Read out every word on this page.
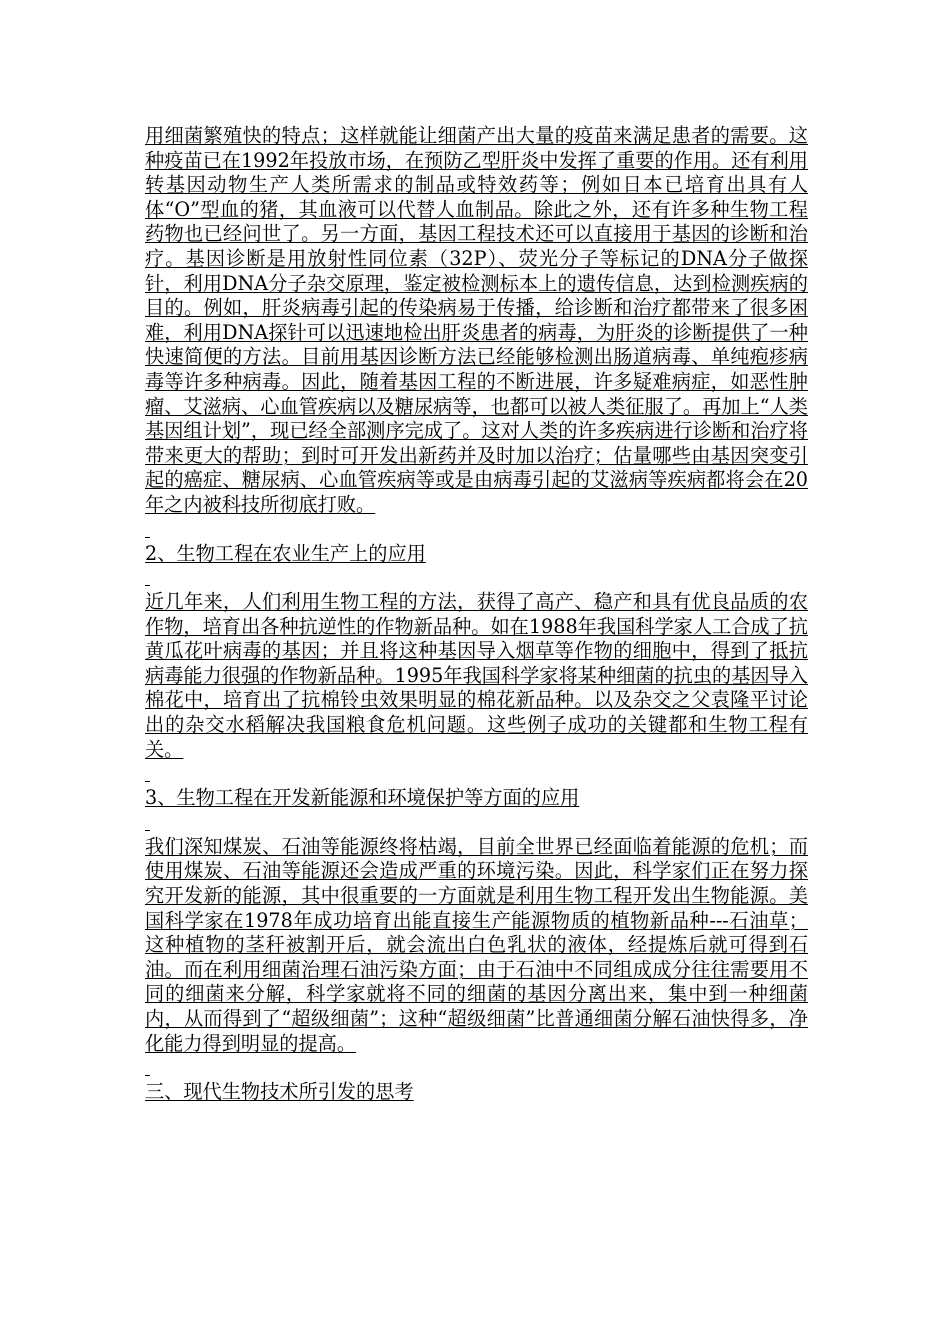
用细菌繁殖快的特点；这样就能让细菌产出大量的疫苗来满足患者的需要。这种疫苗已在1992年投放市场，在预防乙型肝炎中发挥了重要的作用。还有利用转基因动物生产人类所需求的制品或特效药等；例如日本已培育出具有人体“O”型血的猪，其血液可以代替人血制品。除此之外，还有许多种生物工程药物也已经问世了。另一方面，基因工程技术还可以直接用于基因的诊断和治疗。基因诊断是用放射性同位素（32P）、荧光分子等标记的DNA分子做探针，利用DNA分子杂交原理，鉴定被检测标本上的遗传信息，达到检测疾病的目的。例如，肝炎病毒引起的传染病易于传播，给诊断和治疗都带来了很多困难，利用DNA探针可以迅速地检出肝炎患者的病毒，为肝炎的诊断提供了一种快速简便的方法。目前用基因诊断方法已经能够检测出肠道病毒、单纯疱疹病毒等许多种病毒。因此，随着基因工程的不断进展，许多疑难病症，如恶性肿瘤、艾滋病、心血管疾病以及糖尿病等，也都可以被人类征服了。再加上“人类基因组计划”，现已经全部测序完成了。这对人类的许多疾病进行诊断和治疗将带来更大的帮助；到时可开发出新药并及时加以治疗；估量哪些由基因突变引起的癌症、糖尿病、心血管疾病等或是由病毒引起的艾滋病等疾病都将会在20年之内被科技所彻底打败。

2、生物工程在农业生产上的应用

近几年来，人们利用生物工程的方法，获得了高产、稳产和具有优良品质的农作物，培育出各种抗逆性的作物新品种。如在1988年我国科学家人工合成了抗黄瓜花叶病毒的基因；并且将这种基因导入烟草等作物的细胞中，得到了抵抗病毒能力很强的作物新品种。1995年我国科学家将某种细菌的抗虫的基因导入棉花中，培育出了抗棉铃虫效果明显的棉花新品种。以及杂交之父袁隆平讨论出的杂交水稻解决我国粮食危机问题。这些例子成功的关键都和生物工程有关。

3、生物工程在开发新能源和环境保护等方面的应用

我们深知煤炭、石油等能源终将枯竭，目前全世界已经面临着能源的危机；而使用煤炭、石油等能源还会造成严重的环境污染。因此，科学家们正在努力探究开发新的能源，其中很重要的一方面就是利用生物工程开发出生物能源。美国科学家在1978年成功培育出能直接生产能源物质的植物新品种---石油草；这种植物的茎秆被割开后，就会流出白色乳状的液体，经提炼后就可得到石油。而在利用细菌治理石油污染方面；由于石油中不同组成成分往往需要用不同的细菌来分解，科学家就将不同的细菌的基因分离出来，集中到一种细菌内，从而得到了“超级细菌”；这种“超级细菌”比普通细菌分解石油快得多，净化能力得到明显的提高。

三、现代生物技术所引发的思考
